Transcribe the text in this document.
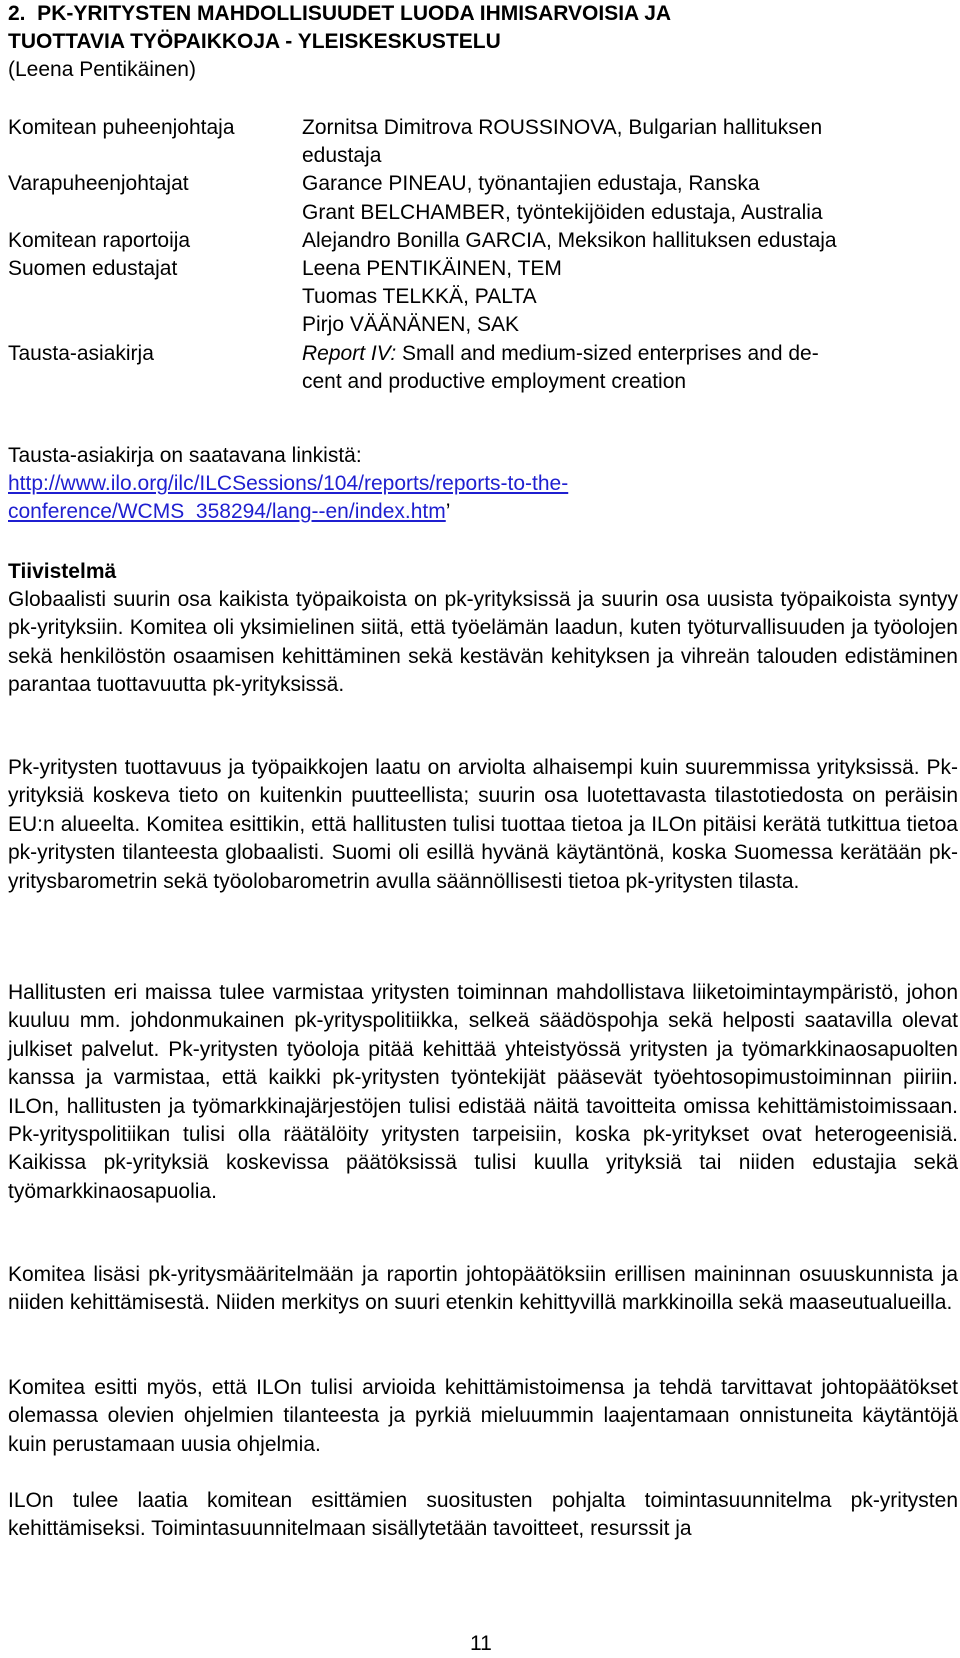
2.  PK-YRITYSTEN MAHDOLLISUUDET LUODA IHMISARVOISIA JA
TUOTTAVIA TYÖPAIKKOJA - YLEISKESKUSTELU
(Leena Pentikäinen)
Komitean puheenjohtaja	Zornitsa Dimitrova ROUSSINOVA, Bulgarian hallituksen
edustaja
Varapuheenjohtajat	Garance PINEAU, työnantajien edustaja, Ranska
Grant BELCHAMBER, työntekijöiden edustaja, Australia
Komitean raportoija	Alejandro Bonilla GARCIA, Meksikon hallituksen edustaja
Suomen edustajat	Leena PENTIKÄINEN, TEM
Tuomas TELKKÄ, PALTA
Pirjo VÄÄNÄNEN, SAK
Tausta-asiakirja	Report IV: Small and medium-sized enterprises and de-
cent and productive employment creation
Tausta-asiakirja on saatavana linkistä:
http://www.ilo.org/ilc/ILCSessions/104/reports/reports-to-the-
conference/WCMS_358294/lang--en/index.htm’
Tiivistelmä

Globaalisti suurin osa kaikista työpaikoista on pk-yrityksissä ja suurin osa uusista työpaikoista syntyy pk-yrityksiin. Komitea oli yksimielinen siitä, että työelämän laadun, kuten työturvallisuuden ja työolojen sekä henkilöstön osaamisen kehittäminen sekä kestävän kehityksen ja vihreän talouden edistäminen parantaa tuottavuutta pk-yrityksissä.

Pk-yritysten tuottavuus ja työpaikkojen laatu on arviolta alhaisempi kuin suuremmissa yrityksissä. Pk-yrityksiä koskeva tieto on kuitenkin puutteellista; suurin osa luotettavasta tilastotiedosta on peräisin EU:n alueelta. Komitea esittikin, että hallitusten tulisi tuottaa tietoa ja ILOn pitäisi kerätä tutkittua tietoa pk-yritysten tilanteesta globaalisti. Suomi oli esillä hyvänä käytäntönä, koska Suomessa kerätään pk-yritysbarometrin sekä työolobarometrin avulla säännöllisesti tietoa pk-yritysten tilasta.

Hallitusten eri maissa tulee varmistaa yritysten toiminnan mahdollistava liiketoimintaympäristö, johon kuuluu mm. johdonmukainen pk-yrityspolitiikka, selkeä säädöspohja sekä helposti saatavilla olevat julkiset palvelut. Pk-yritysten työoloja pitää kehittää yhteistyössä yritysten ja työmarkkinaosapuolten kanssa ja varmistaa, että kaikki pk-yritysten työntekijät pääsevät työehtosopimustoiminnan piiriin. ILOn, hallitusten ja työmarkkinajärjestöjen tulisi edistää näitä tavoitteita omissa kehittämistoimissaan. Pk-yrityspolitiikan tulisi olla räätälöity yritysten tarpeisiin, koska pk-yritykset ovat heterogeenisiä. Kaikissa pk-yrityksiä koskevissa päätöksissä tulisi kuulla yrityksiä tai niiden edustajia sekä työmarkkinaosapuolia.

Komitea lisäsi pk-yritysmääritelmään ja raportin johtopäätöksiin erillisen maininnan osuuskunnista ja niiden kehittämisestä. Niiden merkitys on suuri etenkin kehittyvillä markkinoilla sekä maaseutualueilla.

Komitea esitti myös, että ILOn tulisi arvioida kehittämistoimensa ja tehdä tarvittavat johtopäätökset olemassa olevien ohjelmien tilanteesta ja pyrkiä mieluummin laajentamaan onnistuneita käytäntöjä kuin perustamaan uusia ohjelmia.

ILOn tulee laatia komitean esittämien suositusten pohjalta toimintasuunnitelma pk-yritysten kehittämiseksi. Toimintasuunnitelmaan sisällytetään tavoitteet, resurssit ja

11
